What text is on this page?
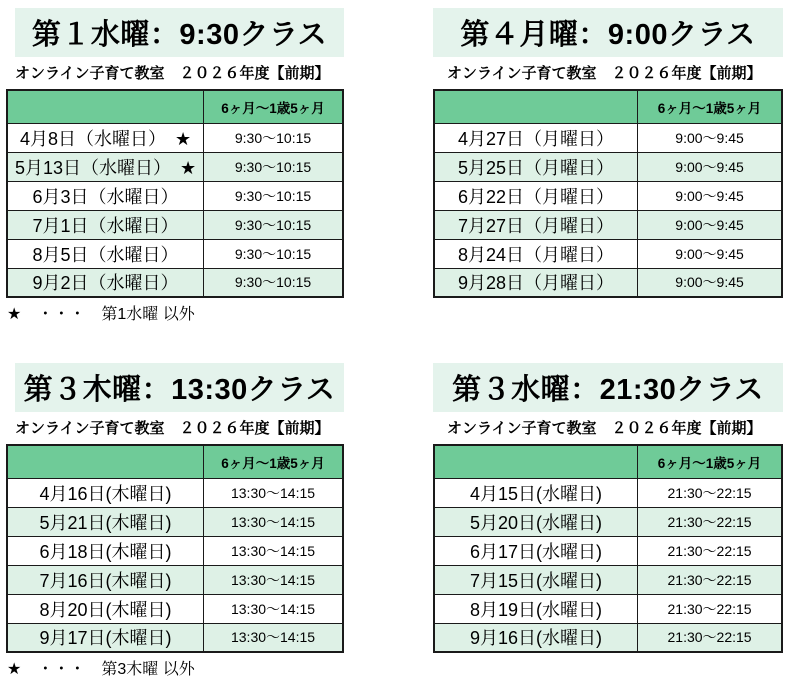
第１水曜：9:30クラス
オンライン子育て教室　２０２６年度【前期】
	6ヶ月～1歳5ヶ月
4月8日（水曜日）　★	9:30～10:15
5月13日（水曜日）　★	9:30～10:15
6月3日（水曜日）	9:30～10:15
7月1日（水曜日）	9:30～10:15
8月5日（水曜日）	9:30～10:15
9月2日（水曜日）	9:30～10:15
★　・・・　第1水曜 以外
第４月曜：9:00クラス
オンライン子育て教室　２０２６年度【前期】
	6ヶ月～1歳5ヶ月
4月27日（月曜日）	9:00～9:45
5月25日（月曜日）	9:00～9:45
6月22日（月曜日）	9:00～9:45
7月27日（月曜日）	9:00～9:45
8月24日（月曜日）	9:00～9:45
9月28日（月曜日）	9:00～9:45
第３木曜：13:30クラス
オンライン子育て教室　２０２６年度【前期】
	6ヶ月～1歳5ヶ月
4月16日(木曜日)	13:30～14:15
5月21日(木曜日)	13:30～14:15
6月18日(木曜日)	13:30～14:15
7月16日(木曜日)	13:30～14:15
8月20日(木曜日)	13:30～14:15
9月17日(木曜日)	13:30～14:15
★　・・・　第3木曜 以外
第３水曜：21:30クラス
オンライン子育て教室　２０２６年度【前期】
	6ヶ月～1歳5ヶ月
4月15日(水曜日)	21:30～22:15
5月20日(水曜日)	21:30～22:15
6月17日(水曜日)	21:30～22:15
7月15日(水曜日)	21:30～22:15
8月19日(水曜日)	21:30～22:15
9月16日(水曜日)	21:30～22:15
